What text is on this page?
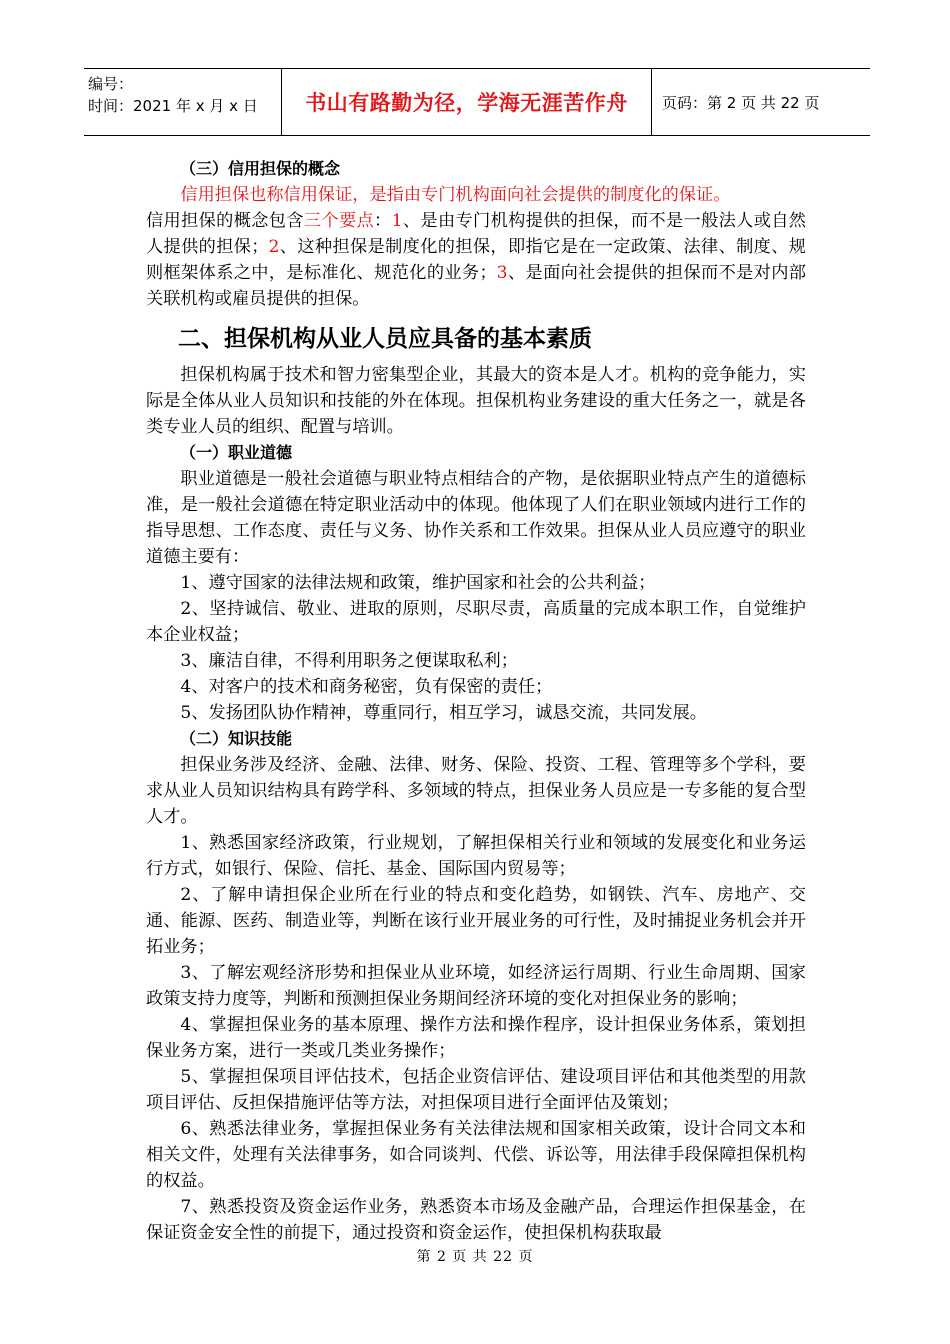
编号：
时间：2021 年 x 月 x 日	书山有路勤为径，学海无涯苦作舟	页码：第 2 页 共 22 页

（三）信用担保的概念

信用担保也称信用保证，是指由专门机构面向社会提供的制度化的保证。

信用担保的概念包含三个要点：1、是由专门机构提供的担保，而不是一般法人或自然人提供的担保；2、这种担保是制度化的担保，即指它是在一定政策、法律、制度、规则框架体系之中，是标准化、规范化的业务；3、是面向社会提供的担保而不是对内部关联机构或雇员提供的担保。

二、担保机构从业人员应具备的基本素质

担保机构属于技术和智力密集型企业，其最大的资本是人才。机构的竞争能力，实际是全体从业人员知识和技能的外在体现。担保机构业务建设的重大任务之一，就是各类专业人员的组织、配置与培训。

（一）职业道德

职业道德是一般社会道德与职业特点相结合的产物，是依据职业特点产生的道德标准，是一般社会道德在特定职业活动中的体现。他体现了人们在职业领域内进行工作的指导思想、工作态度、责任与义务、协作关系和工作效果。担保从业人员应遵守的职业道德主要有：

1、遵守国家的法律法规和政策，维护国家和社会的公共利益；

2、坚持诚信、敬业、进取的原则，尽职尽责，高质量的完成本职工作，自觉维护本企业权益；

3、廉洁自律，不得利用职务之便谋取私利；

4、对客户的技术和商务秘密，负有保密的责任；

5、发扬团队协作精神，尊重同行，相互学习，诚恳交流，共同发展。

（二）知识技能

担保业务涉及经济、金融、法律、财务、保险、投资、工程、管理等多个学科，要求从业人员知识结构具有跨学科、多领域的特点，担保业务人员应是一专多能的复合型人才。

1、熟悉国家经济政策，行业规划，了解担保相关行业和领域的发展变化和业务运行方式，如银行、保险、信托、基金、国际国内贸易等；

2、了解申请担保企业所在行业的特点和变化趋势，如钢铁、汽车、房地产、交通、能源、医药、制造业等，判断在该行业开展业务的可行性，及时捕捉业务机会并开拓业务；

3、了解宏观经济形势和担保业从业环境，如经济运行周期、行业生命周期、国家政策支持力度等，判断和预测担保业务期间经济环境的变化对担保业务的影响；

4、掌握担保业务的基本原理、操作方法和操作程序，设计担保业务体系，策划担保业务方案，进行一类或几类业务操作；

5、掌握担保项目评估技术，包括企业资信评估、建设项目评估和其他类型的用款项目评估、反担保措施评估等方法，对担保项目进行全面评估及策划；

6、熟悉法律业务，掌握担保业务有关法律法规和国家相关政策，设计合同文本和相关文件，处理有关法律事务，如合同谈判、代偿、诉讼等，用法律手段保障担保机构的权益。

7、熟悉投资及资金运作业务，熟悉资本市场及金融产品，合理运作担保基金，在保证资金安全性的前提下，通过投资和资金运作，使担保机构获取最

第 2 页 共 22 页
